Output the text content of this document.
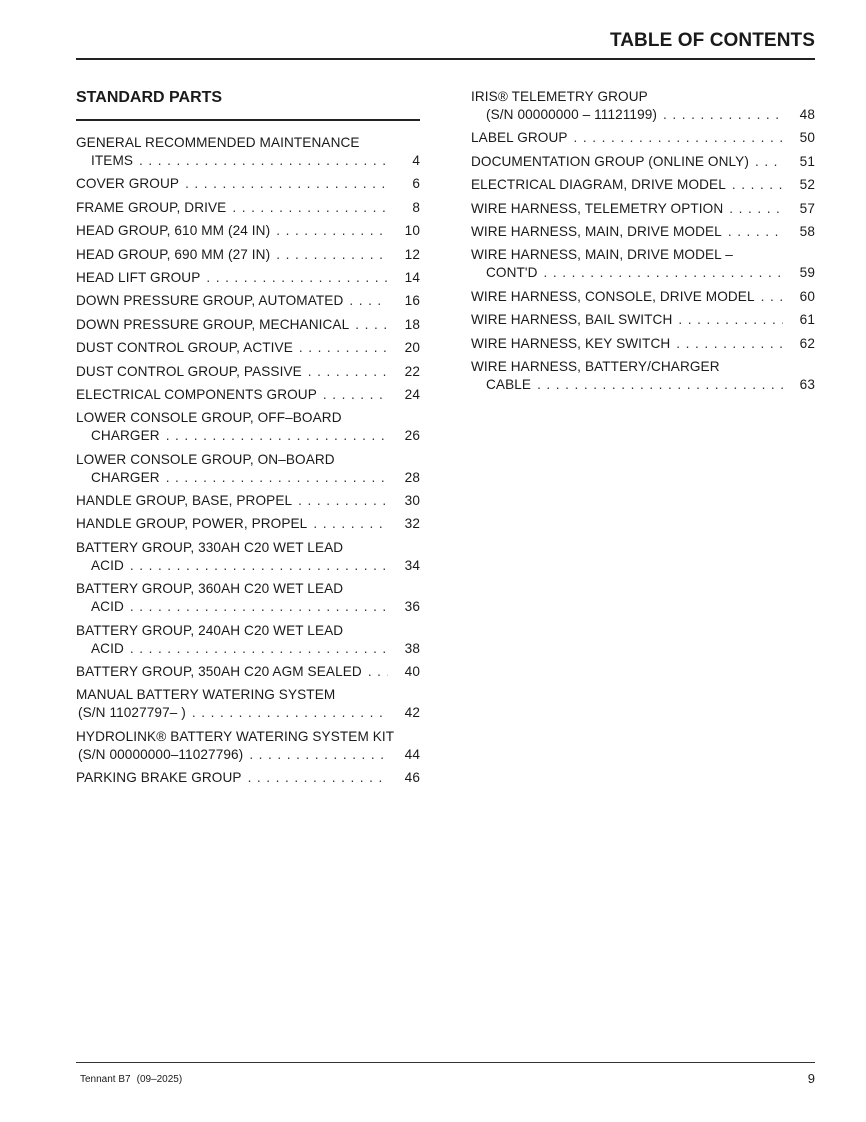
TABLE OF CONTENTS
STANDARD PARTS
GENERAL RECOMMENDED MAINTENANCE
ITEMS . . .	4
COVER GROUP . . .	6
FRAME GROUP, DRIVE . . .	8
HEAD GROUP, 610 MM (24 IN) . . .	10
HEAD GROUP, 690 MM (27 IN) . . .	12
HEAD LIFT GROUP . . .	14
DOWN PRESSURE GROUP, AUTOMATED . . .	16
DOWN PRESSURE GROUP, MECHANICAL . . .	18
DUST CONTROL GROUP, ACTIVE . . .	20
DUST CONTROL GROUP, PASSIVE . . .	22
ELECTRICAL COMPONENTS GROUP . . .	24
LOWER CONSOLE GROUP, OFF–BOARD
CHARGER . . .	26
LOWER CONSOLE GROUP, ON–BOARD
CHARGER . . .	28
HANDLE GROUP, BASE, PROPEL . . .	30
HANDLE GROUP, POWER, PROPEL . . .	32
BATTERY GROUP, 330AH C20 WET LEAD
ACID . . .	34
BATTERY GROUP, 360AH C20 WET LEAD
ACID . . .	36
BATTERY GROUP, 240AH C20 WET LEAD
ACID . . .	38
BATTERY GROUP, 350AH C20 AGM SEALED . . .	40
MANUAL BATTERY WATERING SYSTEM
(S/N 11027797– ) . . .	42
HYDROLINK® BATTERY WATERING SYSTEM KIT
(S/N 00000000–11027796) . . .	44
PARKING BRAKE GROUP . . .	46
IRIS® TELEMETRY GROUP
(S/N 00000000 – 11121199) . . .	48
LABEL GROUP . . .	50
DOCUMENTATION GROUP (ONLINE ONLY) . . .	51
ELECTRICAL DIAGRAM, DRIVE MODEL . . .	52
WIRE HARNESS, TELEMETRY OPTION . . .	57
WIRE HARNESS, MAIN, DRIVE MODEL . . .	58
WIRE HARNESS, MAIN, DRIVE MODEL –
CONT'D . . .	59
WIRE HARNESS, CONSOLE, DRIVE MODEL . . .	60
WIRE HARNESS, BAIL SWITCH . . .	61
WIRE HARNESS, KEY SWITCH . . .	62
WIRE HARNESS, BATTERY/CHARGER
CABLE . . .	63
Tennant B7 (09–2025)	9
